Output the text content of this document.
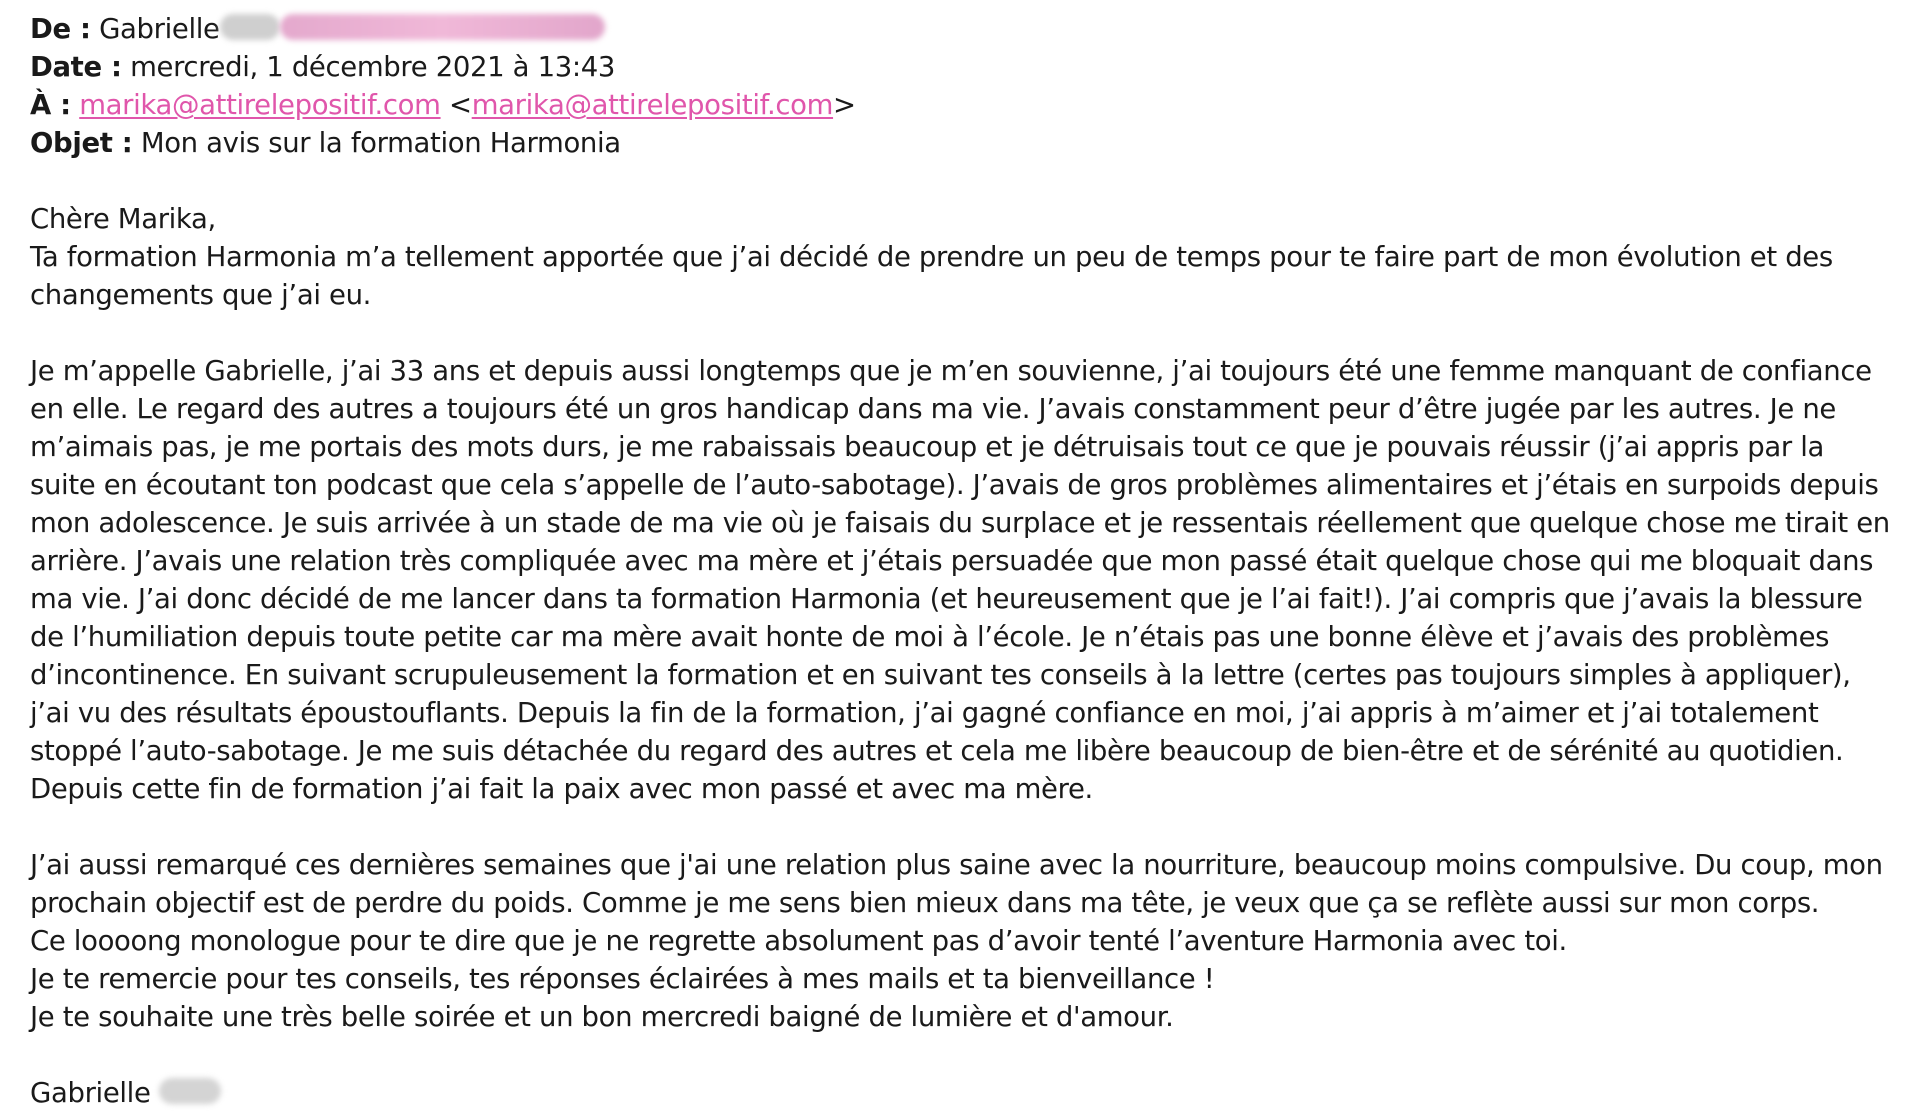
De : Gabrielle
Date : mercredi, 1 décembre 2021 à 13:43
À : marika@attirelepositif.com <marika@attirelepositif.com>
Objet : Mon avis sur la formation Harmonia

Chère Marika,

Ta formation Harmonia m’a tellement apportée que j’ai décidé de prendre un peu de temps pour te faire part de mon évolution et des changements que j’ai eu.

Je m’appelle Gabrielle, j’ai 33 ans et depuis aussi longtemps que je m’en souvienne, j’ai toujours été une femme manquant de confiance en elle. Le regard des autres a toujours été un gros handicap dans ma vie. J’avais constamment peur d’être jugée par les autres. Je ne m’aimais pas, je me portais des mots durs, je me rabaissais beaucoup et je détruisais tout ce que je pouvais réussir (j’ai appris par la suite en écoutant ton podcast que cela s’appelle de l’auto-sabotage). J’avais de gros problèmes alimentaires et j’étais en surpoids depuis mon adolescence. Je suis arrivée à un stade de ma vie où je faisais du surplace et je ressentais réellement que quelque chose me tirait en arrière. J’avais une relation très compliquée avec ma mère et j’étais persuadée que mon passé était quelque chose qui me bloquait dans ma vie. J’ai donc décidé de me lancer dans ta formation Harmonia (et heureusement que je l’ai fait!). J’ai compris que j’avais la blessure de l’humiliation depuis toute petite car ma mère avait honte de moi à l’école. Je n’étais pas une bonne élève et j’avais des problèmes d’incontinence. En suivant scrupuleusement la formation et en suivant tes conseils à la lettre (certes pas toujours simples à appliquer), j’ai vu des résultats époustouflants. Depuis la fin de la formation, j’ai gagné confiance en moi, j’ai appris à m’aimer et j’ai totalement stoppé l’auto-sabotage. Je me suis détachée du regard des autres et cela me libère beaucoup de bien-être et de sérénité au quotidien. Depuis cette fin de formation j’ai fait la paix avec mon passé et avec ma mère.

J’ai aussi remarqué ces dernières semaines que j'ai une relation plus saine avec la nourriture, beaucoup moins compulsive. Du coup, mon prochain objectif est de perdre du poids. Comme je me sens bien mieux dans ma tête, je veux que ça se reflète aussi sur mon corps.

Ce loooong monologue pour te dire que je ne regrette absolument pas d’avoir tenté l’aventure Harmonia avec toi.

Je te remercie pour tes conseils, tes réponses éclairées à mes mails et ta bienveillance !

Je te souhaite une très belle soirée et un bon mercredi baigné de lumière et d'amour.

Gabrielle
